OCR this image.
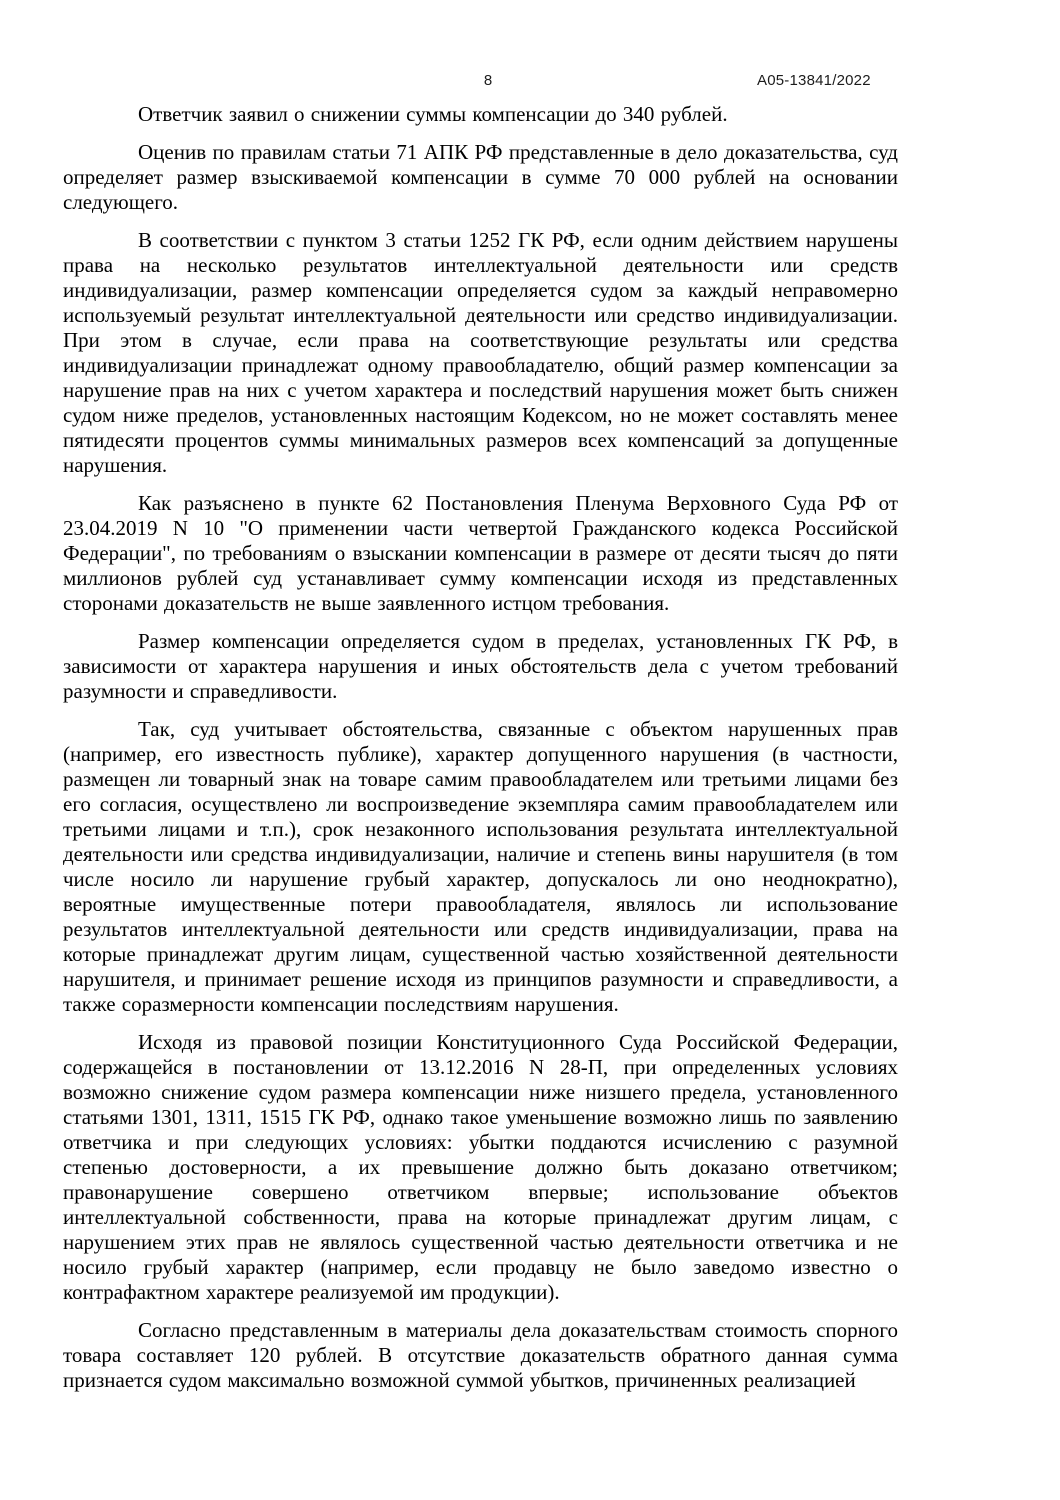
8	А05-13841/2022

Ответчик заявил о снижении суммы компенсации до 340 рублей.

Оценив по правилам статьи 71 АПК РФ представленные в дело доказательства, суд определяет размер взыскиваемой компенсации в сумме 70 000 рублей на основании следующего.

В соответствии с пунктом 3 статьи 1252 ГК РФ, если одним действием нарушены права на несколько результатов интеллектуальной деятельности или средств индивидуализации, размер компенсации определяется судом за каждый неправомерно используемый результат интеллектуальной деятельности или средство индивидуализации. При этом в случае, если права на соответствующие результаты или средства индивидуализации принадлежат одному правообладателю, общий размер компенсации за нарушение прав на них с учетом характера и последствий нарушения может быть снижен судом ниже пределов, установленных настоящим Кодексом, но не может составлять менее пятидесяти процентов суммы минимальных размеров всех компенсаций за допущенные нарушения.

Как разъяснено в пункте 62 Постановления Пленума Верховного Суда РФ от 23.04.2019 N 10 "О применении части четвертой Гражданского кодекса Российской Федерации", по требованиям о взыскании компенсации в размере от десяти тысяч до пяти миллионов рублей суд устанавливает сумму компенсации исходя из представленных сторонами доказательств не выше заявленного истцом требования.

Размер компенсации определяется судом в пределах, установленных ГК РФ, в зависимости от характера нарушения и иных обстоятельств дела с учетом требований разумности и справедливости.

Так, суд учитывает обстоятельства, связанные с объектом нарушенных прав (например, его известность публике), характер допущенного нарушения (в частности, размещен ли товарный знак на товаре самим правообладателем или третьими лицами без его согласия, осуществлено ли воспроизведение экземпляра самим правообладателем или третьими лицами и т.п.), срок незаконного использования результата интеллектуальной деятельности или средства индивидуализации, наличие и степень вины нарушителя (в том числе носило ли нарушение грубый характер, допускалось ли оно неоднократно), вероятные имущественные потери правообладателя, являлось ли использование результатов интеллектуальной деятельности или средств индивидуализации, права на которые принадлежат другим лицам, существенной частью хозяйственной деятельности нарушителя, и принимает решение исходя из принципов разумности и справедливости, а также соразмерности компенсации последствиям нарушения.

Исходя из правовой позиции Конституционного Суда Российской Федерации, содержащейся в постановлении от 13.12.2016 N 28-П, при определенных условиях возможно снижение судом размера компенсации ниже низшего предела, установленного статьями 1301, 1311, 1515 ГК РФ, однако такое уменьшение возможно лишь по заявлению ответчика и при следующих условиях: убытки поддаются исчислению с разумной степенью достоверности, а их превышение должно быть доказано ответчиком; правонарушение совершено ответчиком впервые; использование объектов интеллектуальной собственности, права на которые принадлежат другим лицам, с нарушением этих прав не являлось существенной частью деятельности ответчика и не носило грубый характер (например, если продавцу не было заведомо известно о контрафактном характере реализуемой им продукции).

Согласно представленным в материалы дела доказательствам стоимость спорного товара составляет 120 рублей. В отсутствие доказательств обратного данная сумма признается судом максимально возможной суммой убытков, причиненных реализацией
